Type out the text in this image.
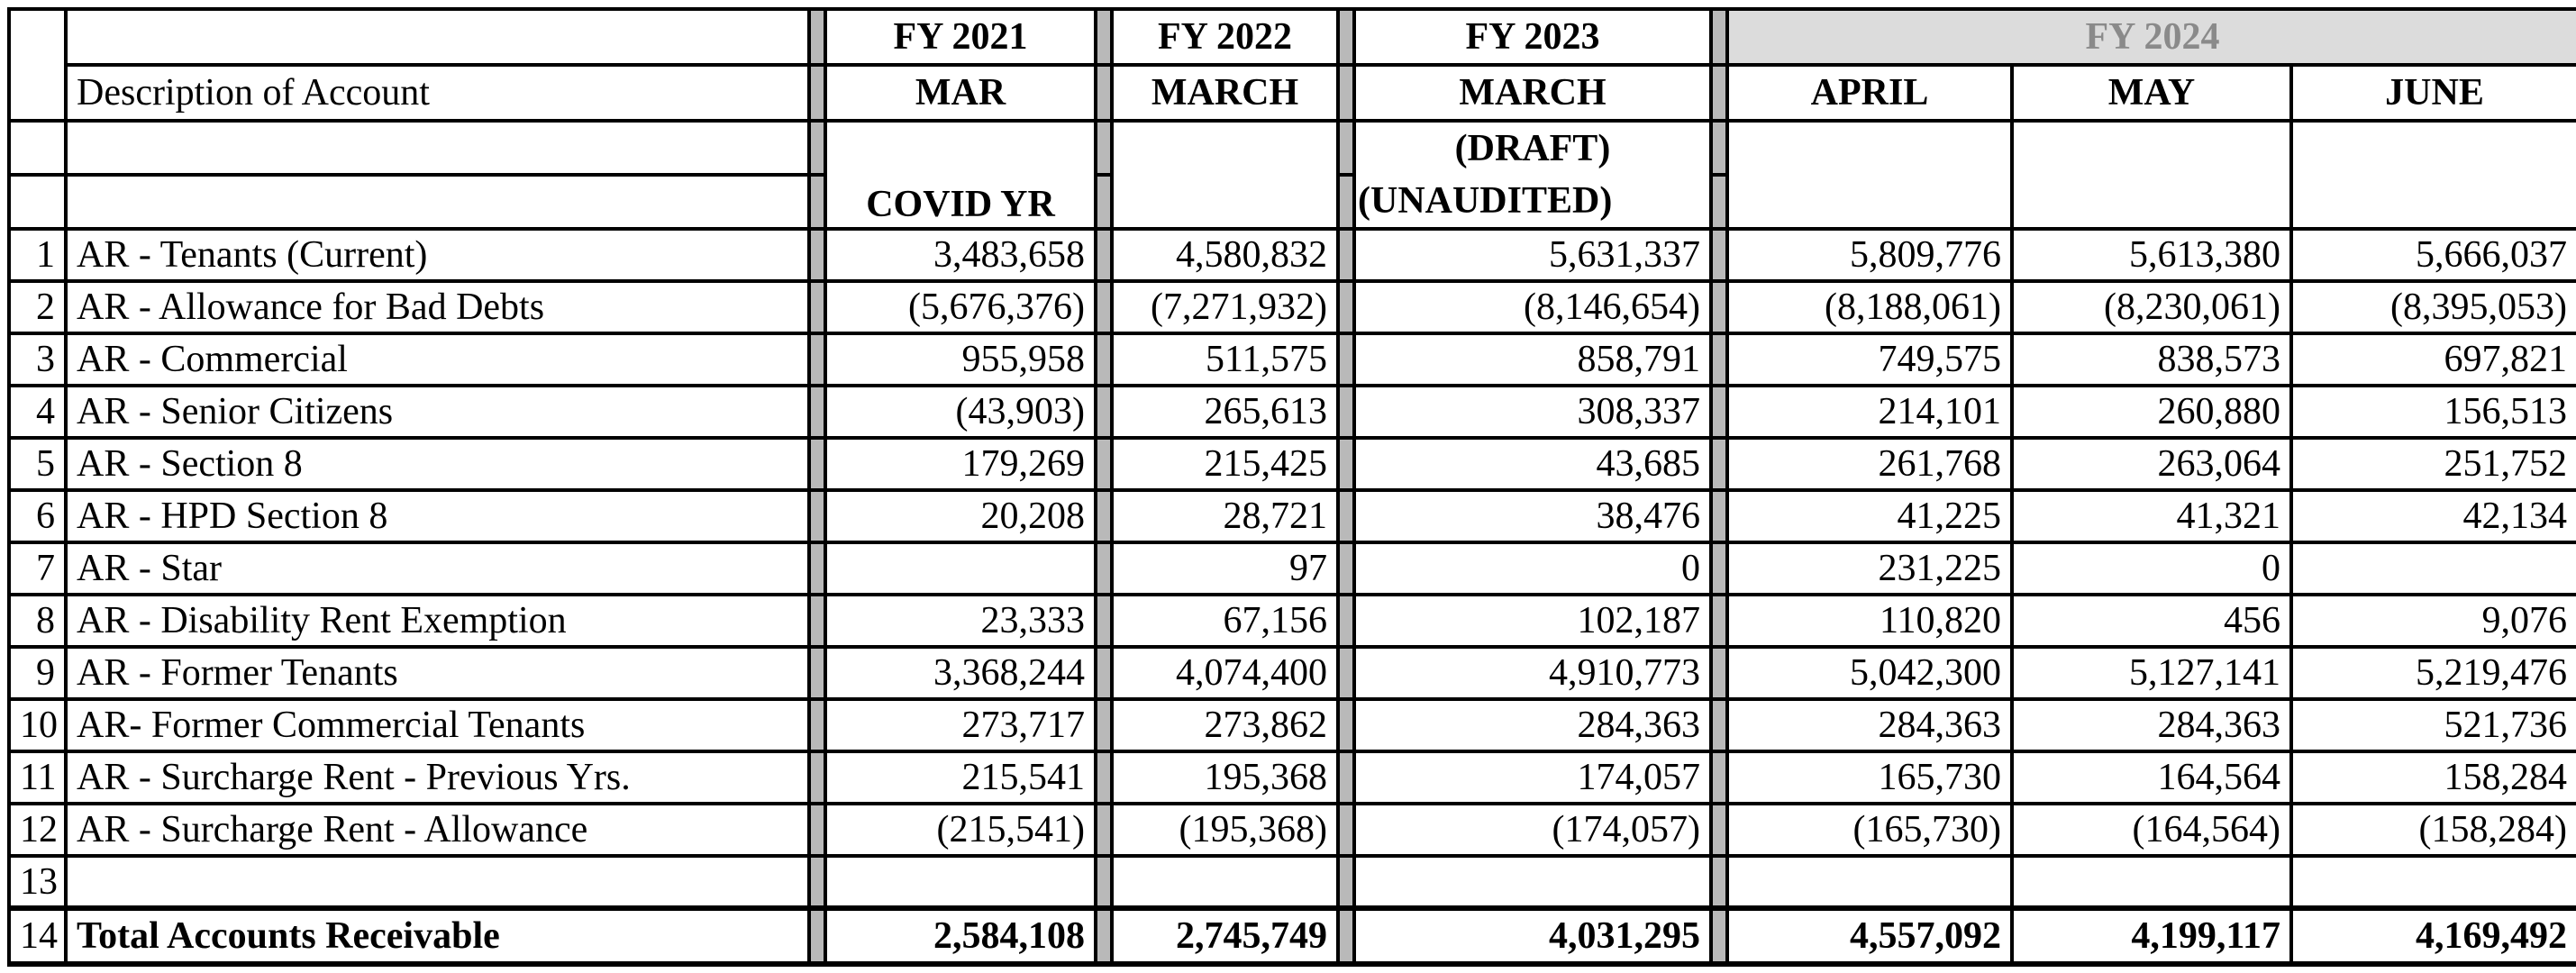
			FY 2021		FY 2022		FY 2023		FY 2024		
	Description of Account		MAR		MARCH		MARCH		APRIL	MAY	JUNE
			COVID YR				(DRAFT)				
							(UNAUDITED)				
1	AR - Tenants (Current)		3,483,658		4,580,832		5,631,337		5,809,776	5,613,380	5,666,037
2	AR - Allowance for Bad Debts		(5,676,376)		(7,271,932)		(8,146,654)		(8,188,061)	(8,230,061)	(8,395,053)
3	AR - Commercial		955,958		511,575		858,791		749,575	838,573	697,821
4	AR - Senior Citizens		(43,903)		265,613		308,337		214,101	260,880	156,513
5	AR - Section 8		179,269		215,425		43,685		261,768	263,064	251,752
6	AR - HPD Section 8		20,208		28,721		38,476		41,225	41,321	42,134
7	AR - Star				97		0		231,225	0	
8	AR - Disability Rent Exemption		23,333		67,156		102,187		110,820	456	9,076
9	AR - Former Tenants		3,368,244		4,074,400		4,910,773		5,042,300	5,127,141	5,219,476
10	AR- Former Commercial Tenants		273,717		273,862		284,363		284,363	284,363	521,736
11	AR - Surcharge Rent - Previous Yrs.		215,541		195,368		174,057		165,730	164,564	158,284
12	AR - Surcharge Rent - Allowance		(215,541)		(195,368)		(174,057)		(165,730)	(164,564)	(158,284)
13											
14	Total Accounts Receivable		2,584,108		2,745,749		4,031,295		4,557,092	4,199,117	4,169,492
